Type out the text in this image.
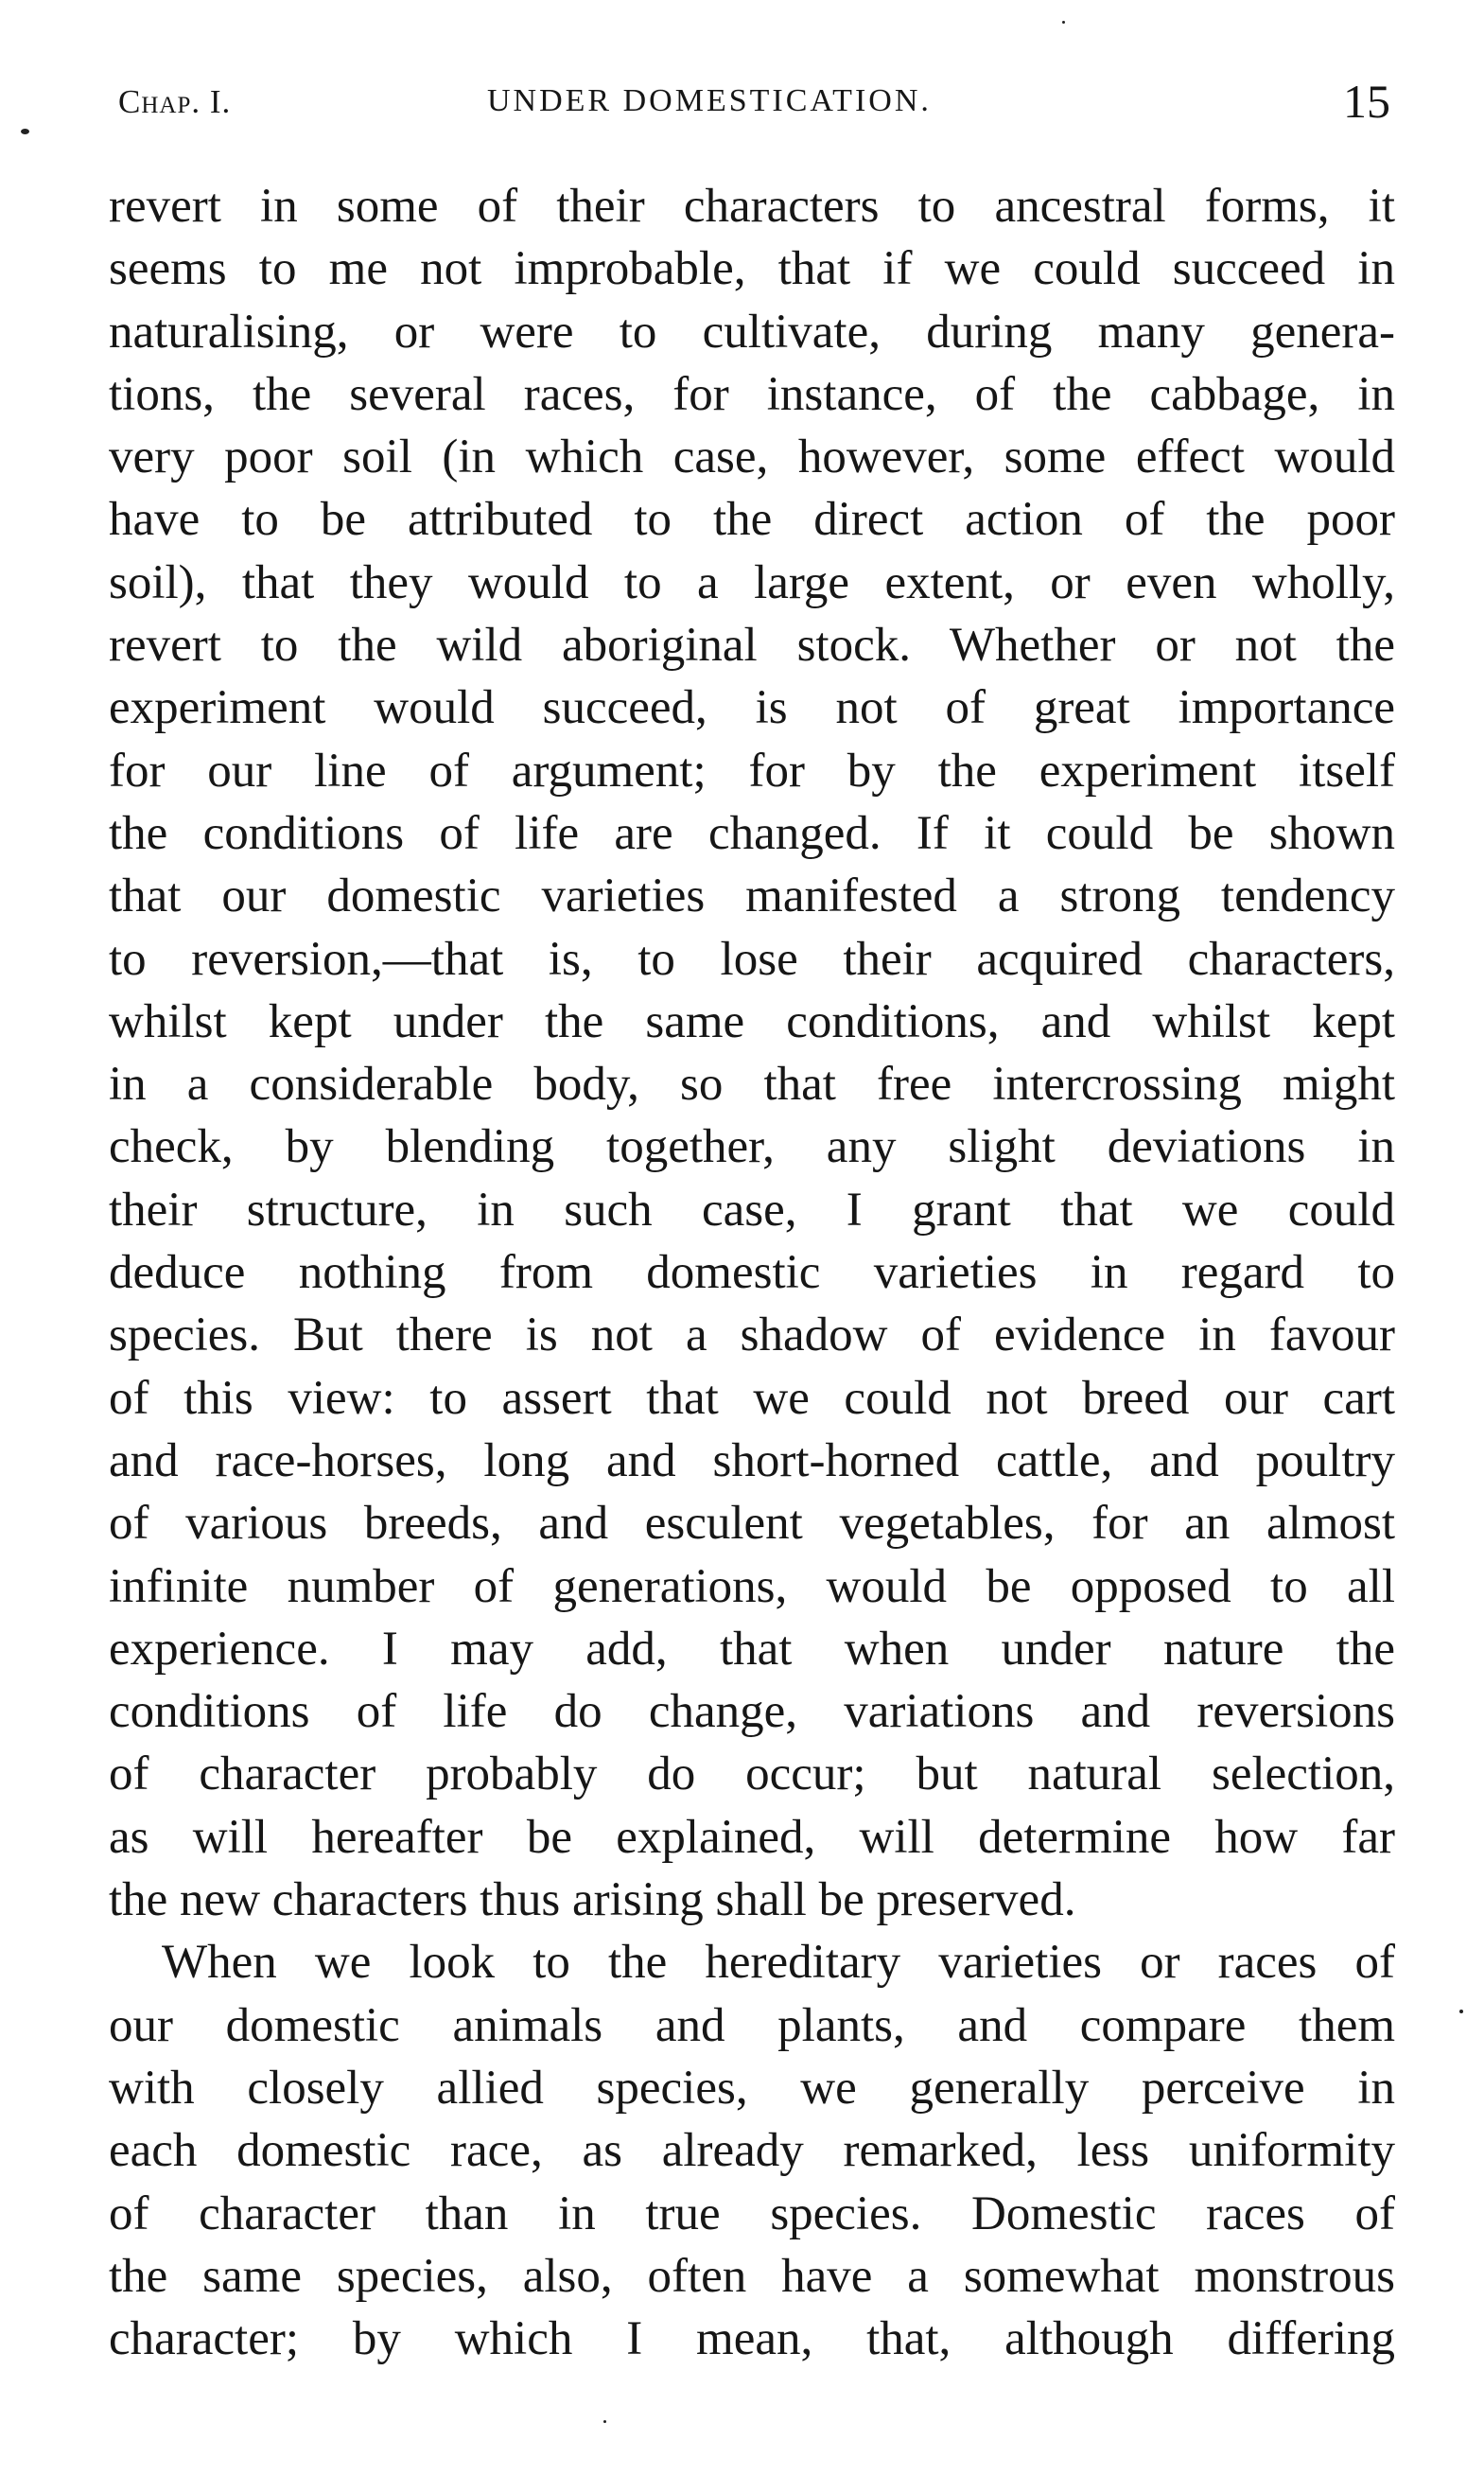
Chap. I.	UNDER DOMESTICATION.	15
revert in some of their characters to ancestral forms, it
seems to me not improbable, that if we could succeed in
naturalising, or were to cultivate, during many genera-
tions, the several races, for instance, of the cabbage, in
very poor soil (in which case, however, some effect would
have to be attributed to the direct action of the poor
soil), that they would to a large extent, or even wholly,
revert to the wild aboriginal stock. Whether or not the
experiment would succeed, is not of great importance
for our line of argument; for by the experiment itself
the conditions of life are changed. If it could be shown
that our domestic varieties manifested a strong tendency
to reversion,—that is, to lose their acquired characters,
whilst kept under the same conditions, and whilst kept
in a considerable body, so that free intercrossing might
check, by blending together, any slight deviations in
their structure, in such case, I grant that we could
deduce nothing from domestic varieties in regard to
species. But there is not a shadow of evidence in favour
of this view: to assert that we could not breed our cart
and race-horses, long and short-horned cattle, and poultry
of various breeds, and esculent vegetables, for an almost
infinite number of generations, would be opposed to all
experience. I may add, that when under nature the
conditions of life do change, variations and reversions
of character probably do occur; but natural selection,
as will hereafter be explained, will determine how far
the new characters thus arising shall be preserved.
When we look to the hereditary varieties or races of
our domestic animals and plants, and compare them
with closely allied species, we generally perceive in
each domestic race, as already remarked, less uniformity
of character than in true species. Domestic races of
the same species, also, often have a somewhat monstrous
character; by which I mean, that, although differing
